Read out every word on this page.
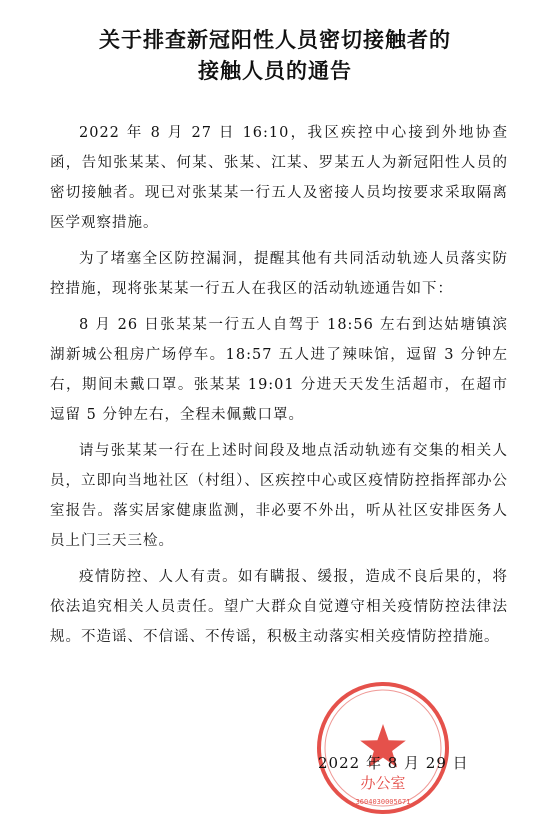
关于排查新冠阳性人员密切接触者的
接触人员的通告

2022 年 8 月 27 日 16:10，我区疾控中心接到外地协查函，告知张某某、何某、张某、江某、罗某五人为新冠阳性人员的密切接触者。现已对张某某一行五人及密接人员均按要求采取隔离医学观察措施。

为了堵塞全区防控漏洞，提醒其他有共同活动轨迹人员落实防控措施，现将张某某一行五人在我区的活动轨迹通告如下：

8 月 26 日张某某一行五人自驾于 18:56 左右到达姑塘镇滨湖新城公租房广场停车。18:57 五人进了辣味馆，逗留 3 分钟左右，期间未戴口罩。张某某 19:01 分进天天发生活超市，在超市逗留 5 分钟左右，全程未佩戴口罩。

请与张某某一行在上述时间段及地点活动轨迹有交集的相关人员，立即向当地社区（村组）、区疾控中心或区疫情防控指挥部办公室报告。落实居家健康监测，非必要不外出，听从社区安排医务人员上门三天三检。

疫情防控、人人有责。如有瞒报、缓报，造成不良后果的，将依法追究相关人员责任。望广大群众自觉遵守相关疫情防控法律法规。不造谣、不信谣、不传谣，积极主动落实相关疫情防控措施。

办公室
3604030005671
2022 年 8 月 29 日
